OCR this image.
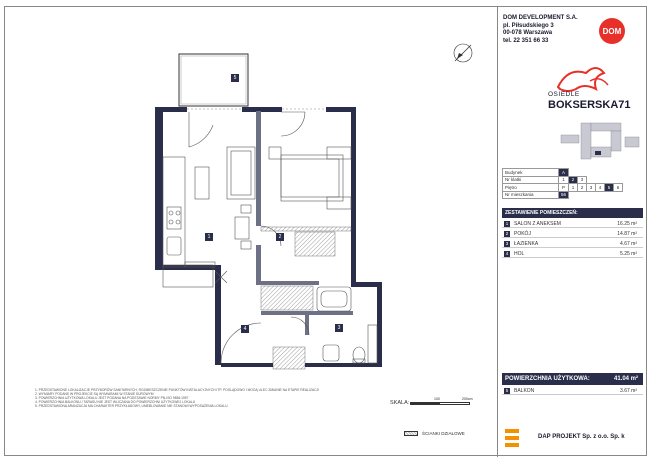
5
1	2
4	3
1. PRZEDSTAWIONE LOKALIZACJE PRZYBORÓW SANITARNYCH, ROZMIESZCZENIE PUNKTÓW INSTALACYJNYCH ITP. POGLĄDOWO I MOGĄ ULEC ZMIANIE NA ETAPIE REALIZACJI
2. WYMIARY PODANE W PROJEKCIE SĄ WYMIARAMI W STANIE SUROWYM
3. POWIERZCHNIA UŻYTKOWA LOKALU JEST PODANA NA PODSTAWIE NORMY PN-ISO 9836:1997
4. POWIERZCHNIA BALKONU / TARASU NIE JEST WLICZANA DO POWIERZCHNI UŻYTKOWEJ LOKALU
5. PRZEDSTAWIONA ARANŻACJA MA CHARAKTER PRZYKŁADOWY, UMEBLOWANIE NIE STANOWI WYPOSAŻENIA LOKALU
SKALA:
100	200cm
ŚCIANKI DZIAŁOWE
DOM DEVELOPMENT S.A.
pl. Piłsudskiego 3
00-078 Warszawa
tel. 22 351 66 33
DOM
OSIEDLE
BOKSERSKA71
Budynek	A						
Nr klatki	1	2	3				
Piętro	P	1	2	3	4	5	6
Nr mieszkania	56						
ZESTAWIENIE POMIESZCZEŃ:
1	SALON Z ANEKSEM	16.25 m²
2	POKÓJ	14.87 m²
3	ŁAZIENKA	4.67 m²
4	HOL	5.25 m²
POWIERZCHNIA UŻYTKOWA:	41.04 m²
5	BALKON	3.67 m²
DAP PROJEKT Sp. z o.o. Sp. k
